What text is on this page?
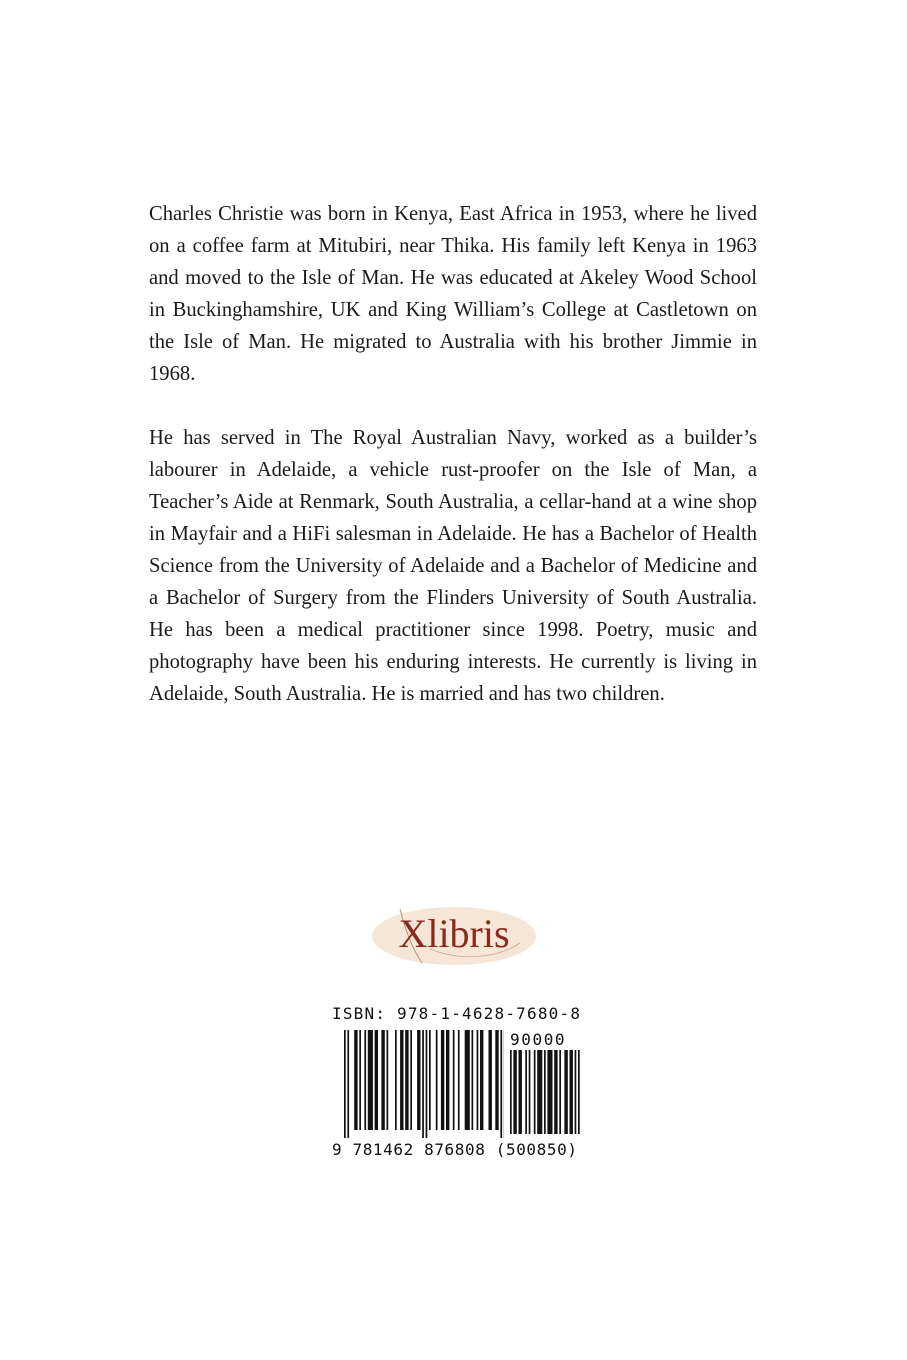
Charles Christie was born in Kenya, East Africa in 1953, where he lived on a coffee farm at Mitubiri, near Thika. His family left Kenya in 1963 and moved to the Isle of Man. He was educated at Akeley Wood School in Buckinghamshire, UK and King William’s College at Castletown on the Isle of Man. He migrated to Australia with his brother Jimmie in 1968.

He has served in The Royal Australian Navy, worked as a builder’s labourer in Adelaide, a vehicle rust-proofer on the Isle of Man, a Teacher’s Aide at Renmark, South Australia, a cellar-hand at a wine shop in Mayfair and a HiFi salesman in Adelaide. He has a Bachelor of Health Science from the University of Adelaide and a Bachelor of Medicine and a Bachelor of Surgery from the Flinders University of South Australia. He has been a medical practitioner since 1998. Poetry, music and photography have been his enduring interests. He currently is living in Adelaide, South Australia. He is married and has two children.

Xlibris
ISBN: 978-1-4628-7680-8
90000
9 781462 876808 (500850)
